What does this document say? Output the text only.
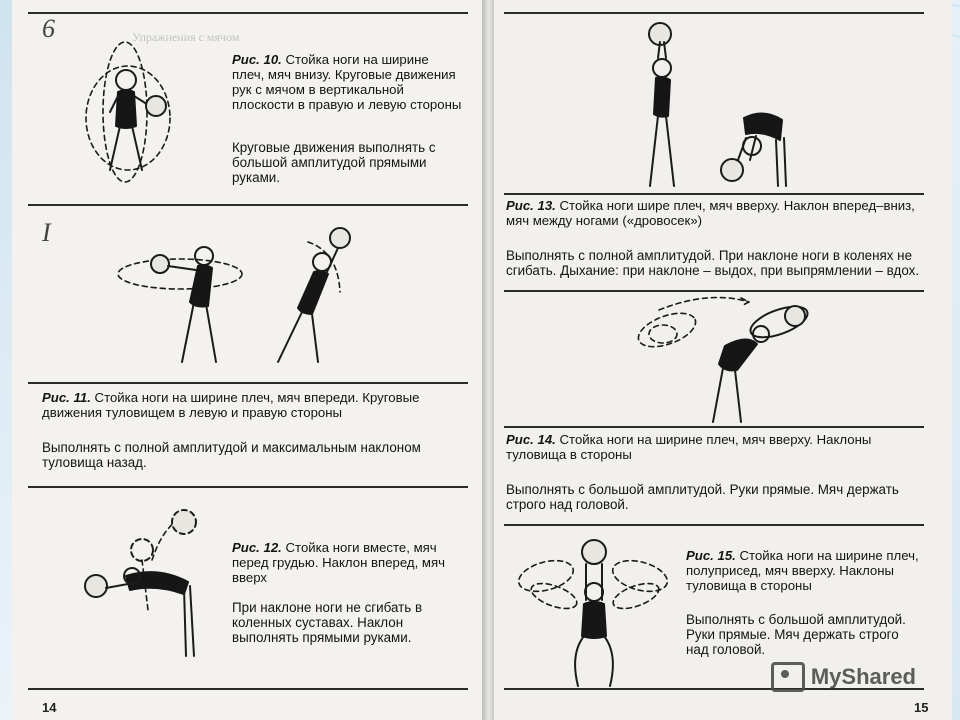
Упражнения с мячом
6
Рис. 10. Стойка ноги на ширине плеч, мяч внизу. Круговые движения рук с мячом в вертикальной плоскости в правую и левую стороны
Круговые движения выполнять с большой амплитудой прямыми руками.
I
Рис. 11. Стойка ноги на ширине плеч, мяч впереди. Круговые движения туловищем в левую и правую стороны
Выполнять с полной амплитудой и максимальным наклоном туловища назад.
Рис. 12. Стойка ноги вместе, мяч перед грудью. Наклон вперед, мяч вверх
При наклоне ноги не сгибать в коленных суставах. Наклон выполнять прямыми руками.
14
Рис. 13. Стойка ноги шире плеч, мяч вверху. Наклон вперед–вниз, мяч между ногами («дровосек»)
Выполнять с полной амплитудой. При наклоне ноги в коленях не сгибать. Дыхание: при наклоне – выдох, при выпрямлении – вдох.
Рис. 14. Стойка ноги на ширине плеч, мяч вверху. Наклоны туловища в стороны
Выполнять с большой амплитудой. Руки прямые. Мяч держать строго над головой.
Рис. 15. Стойка ноги на ширине плеч, полуприсед, мяч вверху. Наклоны туловища в стороны
Выполнять с большой амплитудой. Руки прямые. Мяч держать строго над головой.
15
MyShared
